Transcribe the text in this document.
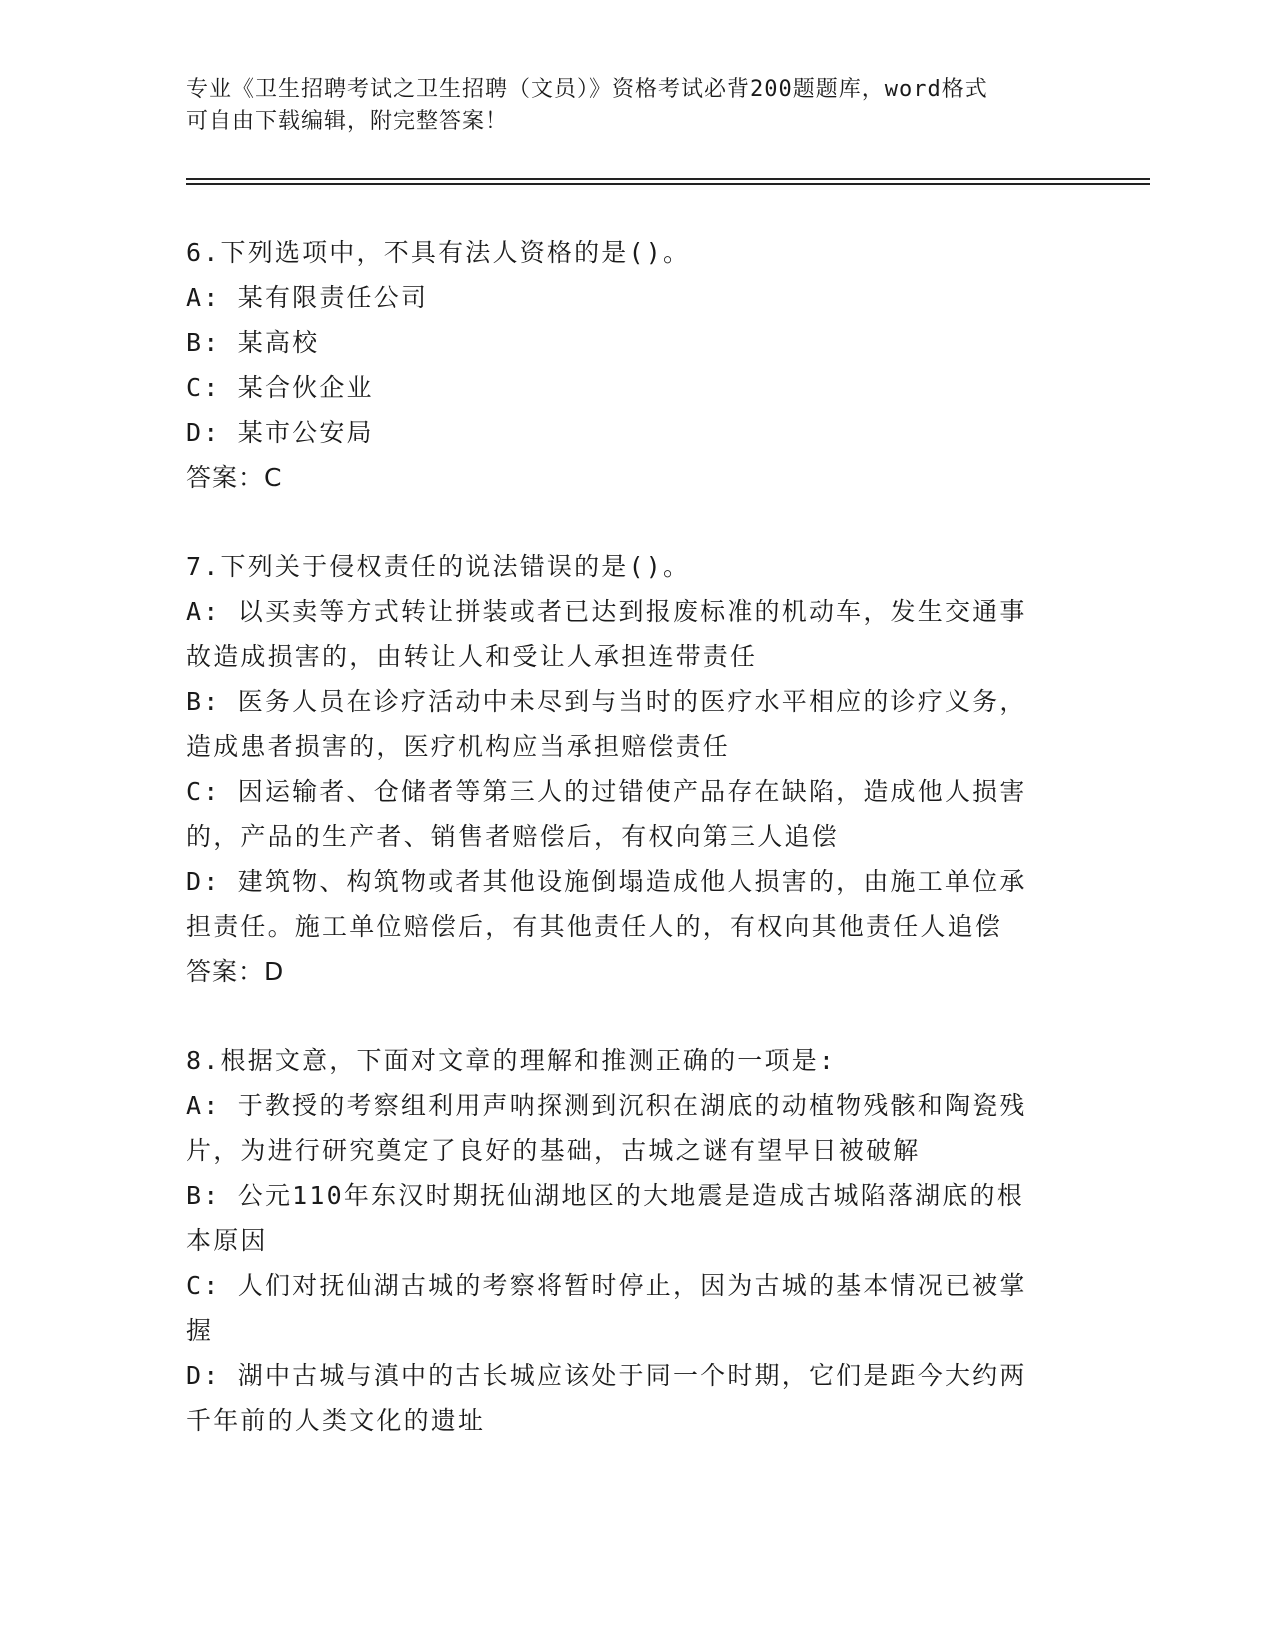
专业《卫生招聘考试之卫生招聘（文员）》资格考试必背200题题库，word格式
可自由下载编辑，附完整答案！
6.下列选项中，不具有法人资格的是()。
A: 某有限责任公司
B: 某高校
C: 某合伙企业
D: 某市公安局
答案：C
7.下列关于侵权责任的说法错误的是()。
A: 以买卖等方式转让拼装或者已达到报废标准的机动车，发生交通事
故造成损害的，由转让人和受让人承担连带责任
B: 医务人员在诊疗活动中未尽到与当时的医疗水平相应的诊疗义务，
造成患者损害的，医疗机构应当承担赔偿责任
C: 因运输者、仓储者等第三人的过错使产品存在缺陷，造成他人损害
的，产品的生产者、销售者赔偿后，有权向第三人追偿
D: 建筑物、构筑物或者其他设施倒塌造成他人损害的，由施工单位承
担责任。施工单位赔偿后，有其他责任人的，有权向其他责任人追偿
答案：D
8.根据文意，下面对文章的理解和推测正确的一项是:
A: 于教授的考察组利用声呐探测到沉积在湖底的动植物残骸和陶瓷残
片，为进行研究奠定了良好的基础，古城之谜有望早日被破解
B: 公元110年东汉时期抚仙湖地区的大地震是造成古城陷落湖底的根
本原因
C: 人们对抚仙湖古城的考察将暂时停止，因为古城的基本情况已被掌
握
D: 湖中古城与滇中的古长城应该处于同一个时期，它们是距今大约两
千年前的人类文化的遗址
